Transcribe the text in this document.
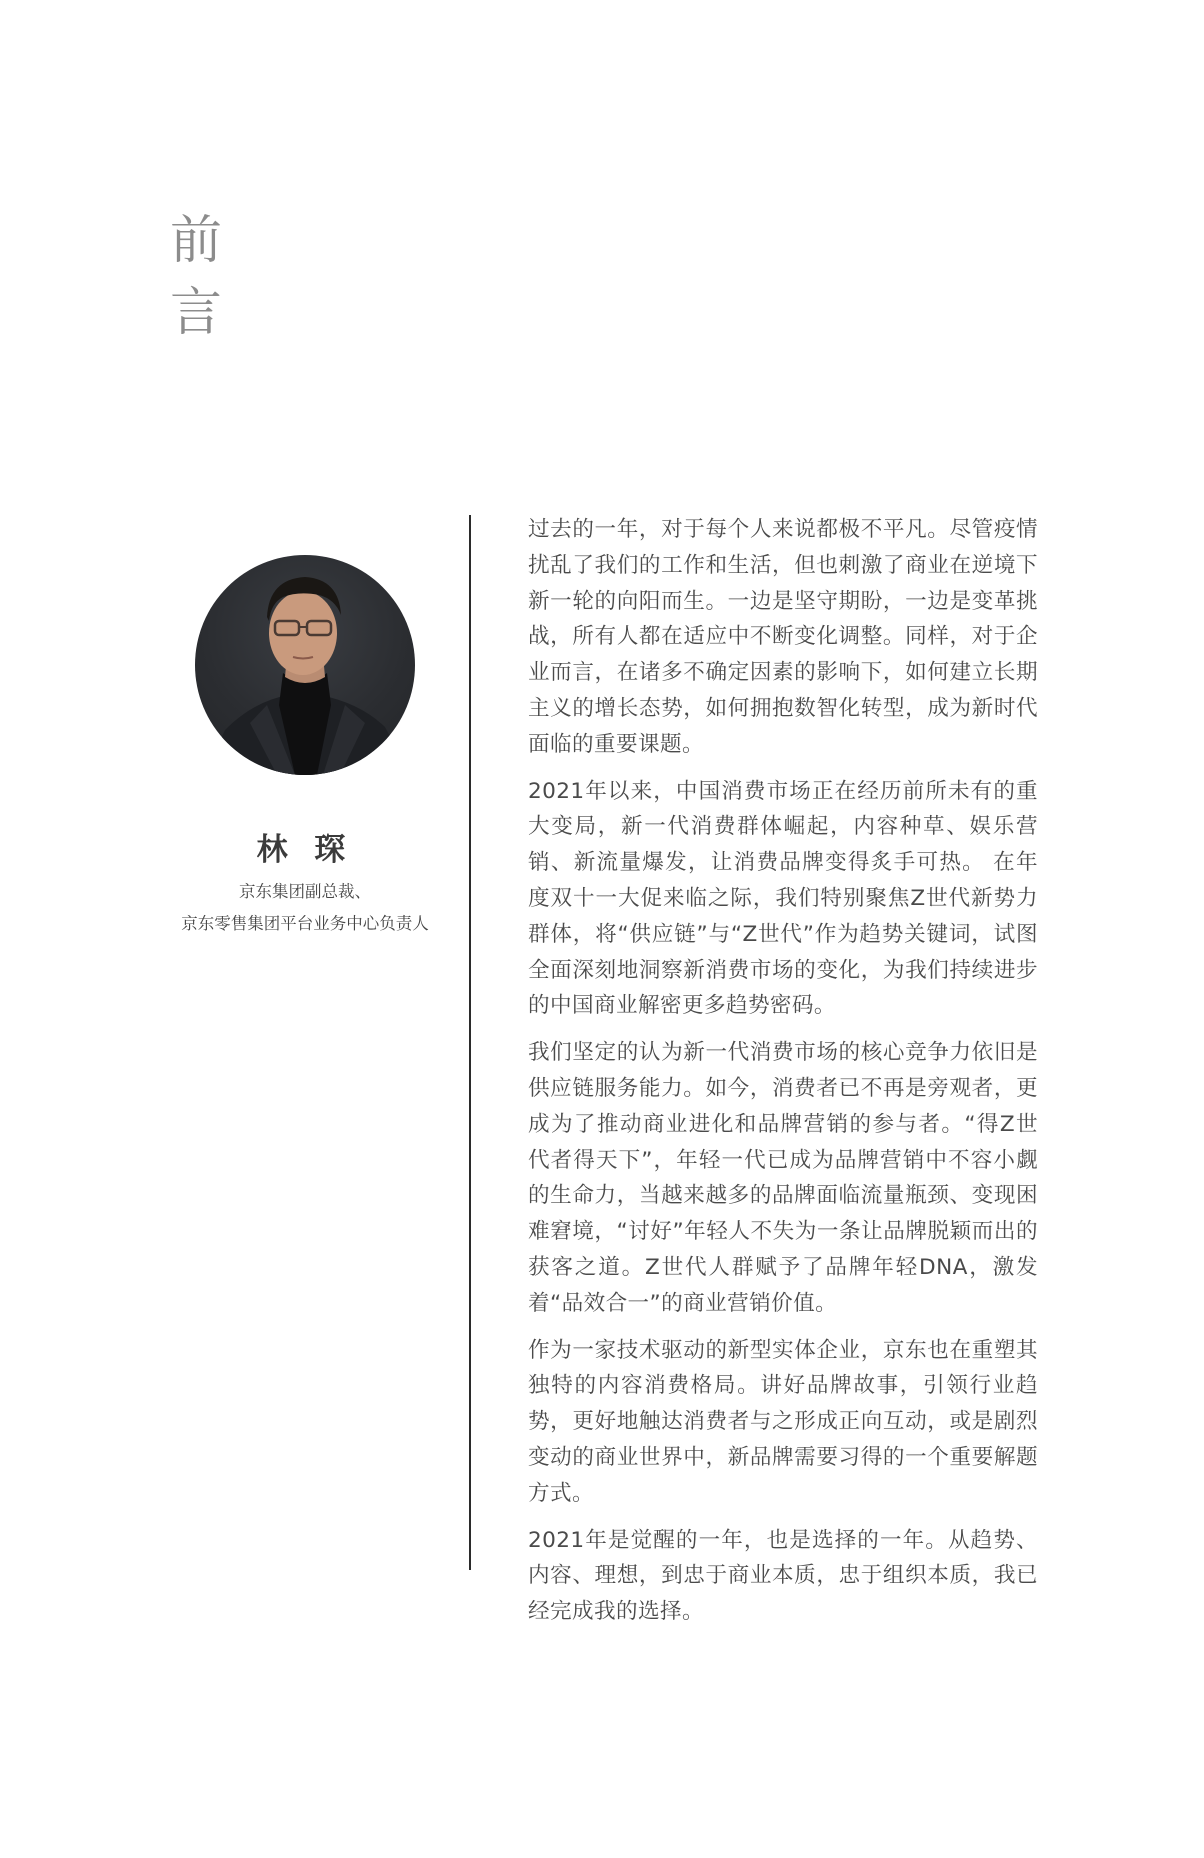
前
言
林 琛
京东集团副总裁、
京东零售集团平台业务中心负责人

过去的一年，对于每个人来说都极不平凡。尽管疫情扰乱了我们的工作和生活，但也刺激了商业在逆境下新一轮的向阳而生。一边是坚守期盼，一边是变革挑战，所有人都在适应中不断变化调整。同样，对于企业而言，在诸多不确定因素的影响下，如何建立长期主义的增长态势，如何拥抱数智化转型，成为新时代面临的重要课题。

2021年以来，中国消费市场正在经历前所未有的重大变局，新一代消费群体崛起，内容种草、娱乐营销、新流量爆发，让消费品牌变得炙手可热。 在年度双十一大促来临之际，我们特别聚焦Z世代新势力群体，将“供应链”与“Z世代”作为趋势关键词，试图全面深刻地洞察新消费市场的变化，为我们持续进步的中国商业解密更多趋势密码。

我们坚定的认为新一代消费市场的核心竞争力依旧是供应链服务能力。如今，消费者已不再是旁观者，更成为了推动商业进化和品牌营销的参与者。“得Z世代者得天下”，年轻一代已成为品牌营销中不容小觑的生命力，当越来越多的品牌面临流量瓶颈、变现困难窘境，“讨好”年轻人不失为一条让品牌脱颖而出的获客之道。Z世代人群赋予了品牌年轻DNA，激发着“品效合一”的商业营销价值。

作为一家技术驱动的新型实体企业，京东也在重塑其独特的内容消费格局。讲好品牌故事，引领行业趋势，更好地触达消费者与之形成正向互动，或是剧烈变动的商业世界中，新品牌需要习得的一个重要解题方式。

2021年是觉醒的一年，也是选择的一年。从趋势、内容、理想，到忠于商业本质，忠于组织本质，我已经完成我的选择。
